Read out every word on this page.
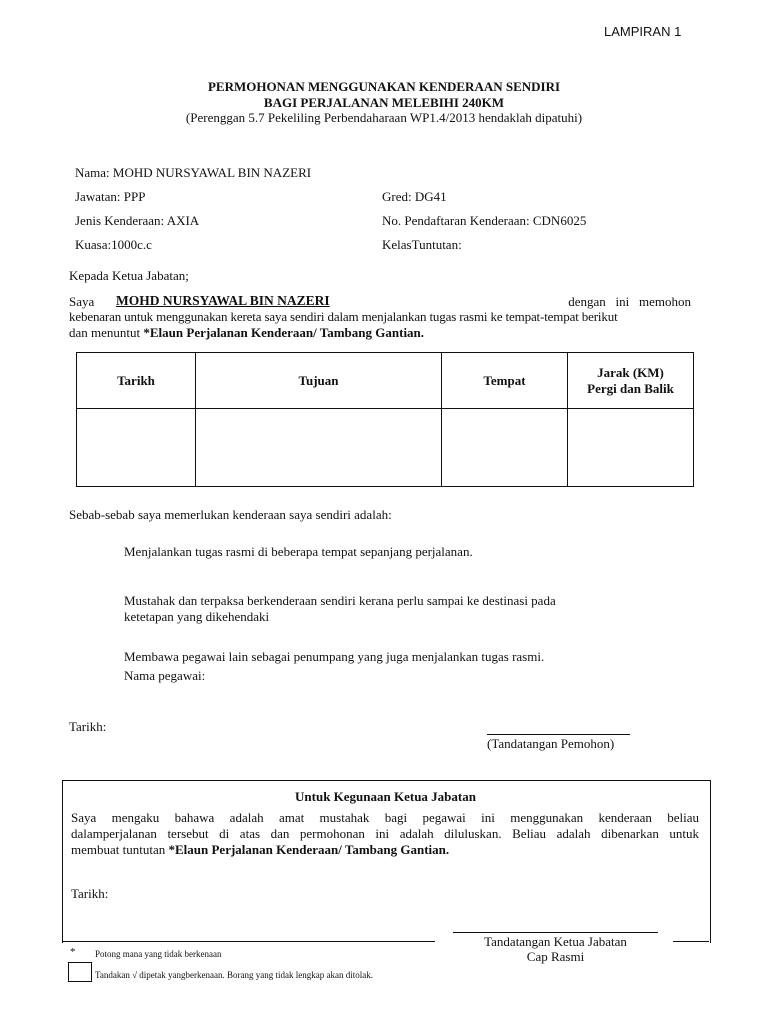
LAMPIRAN 1
PERMOHONAN MENGGUNAKAN KENDERAAN SENDIRI
BAGI PERJALANAN MELEBIHI 240KM
(Perenggan 5.7 Pekeliling Perbendaharaan WP1.4/2013 hendaklah dipatuhi)
Nama: MOHD NURSYAWAL BIN NAZERI
Jawatan: PPP	Gred: DG41
Jenis Kenderaan: AXIA	No. Pendaftaran Kenderaan: CDN6025
Kuasa:1000c.c	KelasTuntutan:
Kepada Ketua Jabatan;
Saya MOHD NURSYAWAL BIN NAZERI	dengan   ini   memohon
kebenaran untuk menggunakan kereta saya sendiri dalam menjalankan tugas rasmi ke tempat-tempat berikut
dan menuntut *Elaun Perjalanan Kenderaan/ Tambang Gantian.
Tarikh	Tujuan	Tempat	Jarak (KM)
Pergi dan Balik

Sebab-sebab saya memerlukan kenderaan saya sendiri adalah:
Menjalankan tugas rasmi di beberapa tempat sepanjang perjalanan.
Mustahak dan terpaksa berkenderaan sendiri kerana perlu sampai ke destinasi pada
ketetapan yang dikehendaki
Membawa pegawai lain sebagai penumpang yang juga menjalankan tugas rasmi.
Nama pegawai:
Tarikh:
(Tandatangan Pemohon)
Untuk Kegunaan Ketua Jabatan
Saya mengaku bahawa adalah amat mustahak bagi pegawai ini menggunakan kenderaan beliau
dalamperjalanan tersebut di atas dan permohonan ini adalah diluluskan. Beliau adalah dibenarkan untuk
membuat tuntutan *Elaun Perjalanan Kenderaan/ Tambang Gantian.
Tarikh:
Tandatangan Ketua Jabatan
Cap Rasmi
* Potong mana yang tidak berkenaan
Tandakan √ dipetak yangberkenaan. Borang yang tidak lengkap akan ditolak.
